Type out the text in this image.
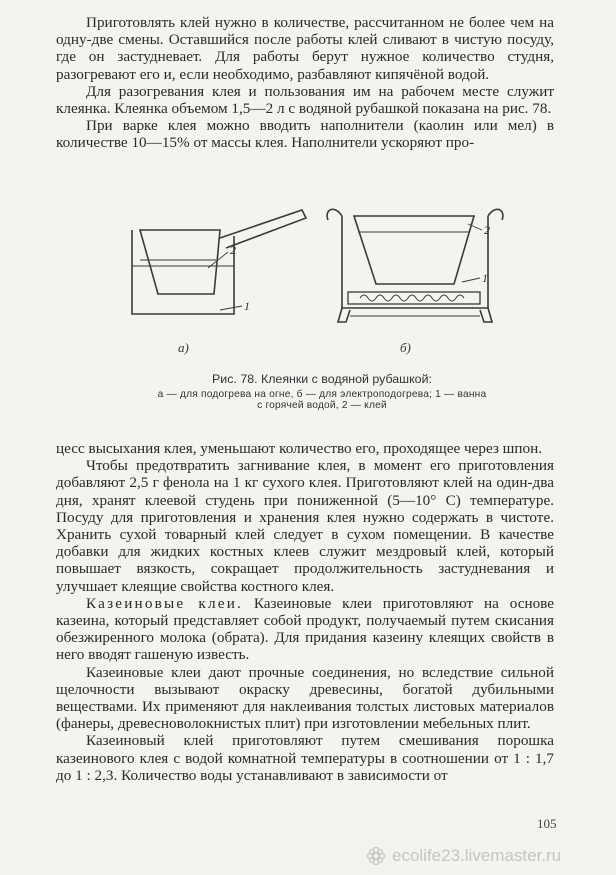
Приготовлять клей нужно в количестве, рассчитанном не более чем на одну-две смены. Оставшийся после работы клей сливают в чистую посуду, где он застудневает. Для работы берут нужное количество студня, разогревают его и, если необходимо, разбавляют кипячёной водой.

Для разогревания клея и пользования им на рабочем месте служит клеянка. Клеянка объемом 1,5—2 л с водяной рубашкой показана на рис. 78.

При варке клея можно вводить наполнители (каолин или мел) в количестве 10—15% от массы клея. Наполнители ускоряют про-

2
1
2
1
а)	б)
Рис. 78. Клеянки с водяной рубашкой:
а — для подогрева на огне, б — для электроподогрева; 1 — ванна
с горячей водой, 2 — клей

цесс высыхания клея, уменьшают количество его, проходящее через шпон.

Чтобы предотвратить загнивание клея, в момент его приготовления добавляют 2,5 г фенола на 1 кг сухого клея. Приготовляют клей на один-два дня, хранят клеевой студень при пониженной (5—10° С) температуре. Посуду для приготовления и хранения клея нужно содержать в чистоте. Хранить сухой товарный клей следует в сухом помещении. В качестве добавки для жидких костных клеев служит мездровый клей, который повышает вязкость, сокращает продолжительность застудневания и улучшает клеящие свойства костного клея.

Казеиновые клеи. Казеиновые клеи приготовляют на основе казеина, который представляет собой продукт, получаемый путем скисания обезжиренного молока (обрата). Для придания казеину клеящих свойств в него вводят гашеную известь.

Казеиновые клеи дают прочные соединения, но вследствие сильной щелочности вызывают окраску древесины, богатой дубильными веществами. Их применяют для наклеивания толстых листовых материалов (фанеры, древесноволокнистых плит) при изготовлении мебельных плит.

Казеиновый клей приготовляют путем смешивания порошка казеинового клея с водой комнатной температуры в соотношении от 1 : 1,7 до 1 : 2,3. Количество воды устанавливают в зависимости от

105
ecolife23.livemaster.ru
